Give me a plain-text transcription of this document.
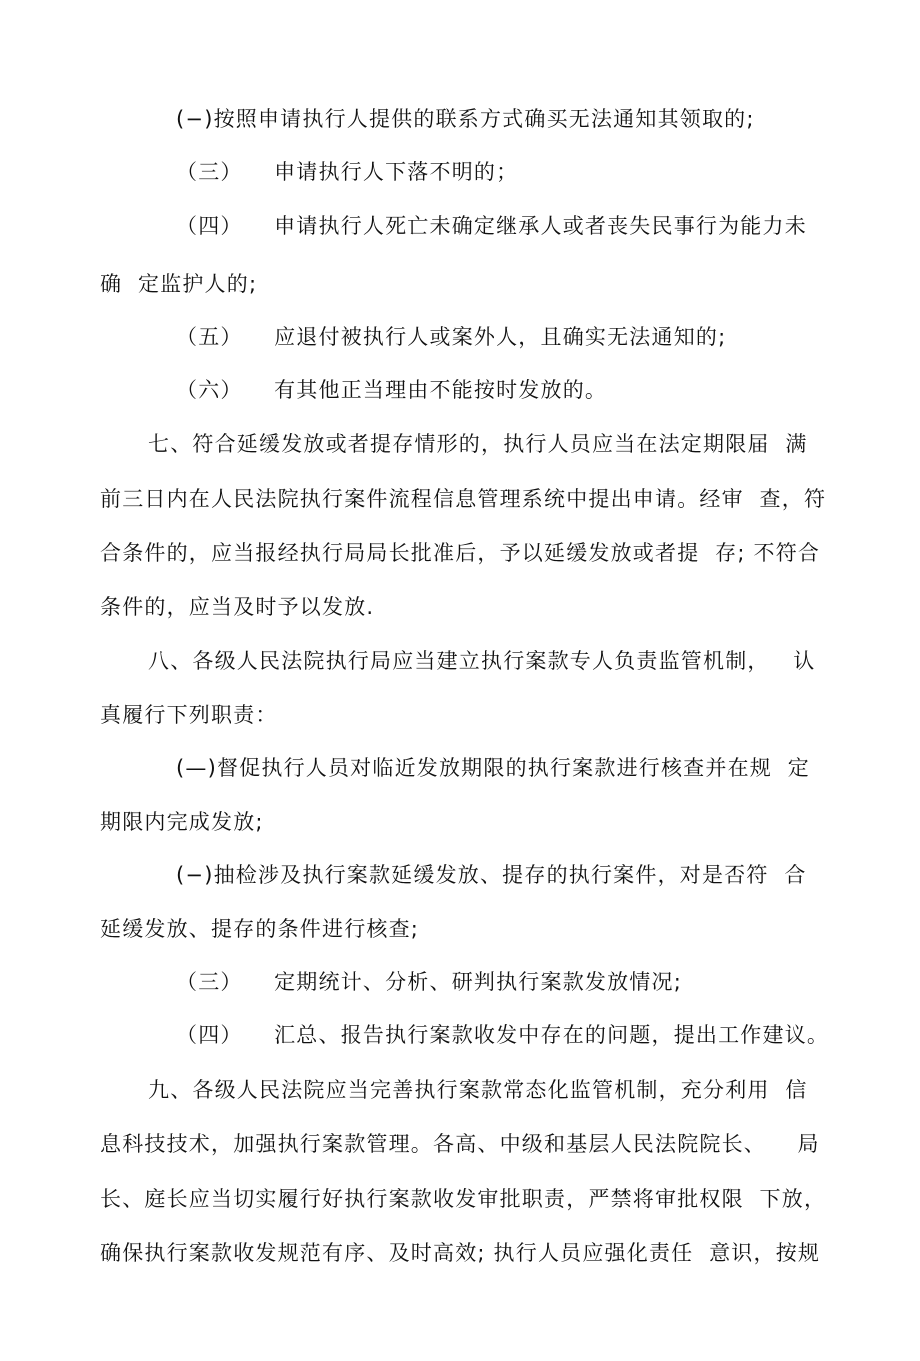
(−)按照申请执行人提供的联系方式确买无法通知其领取的;
（三）    申请执行人下落不明的；
（四）    申请执行人死亡未确定继承人或者丧失民事行为能力未
确  定监护人的;
（五）    应退付被执行人或案外人，且确实无法通知的;
（六）    有其他正当理由不能按时发放的。
七、符合延缓发放或者提存情形的，执行人员应当在法定期限届  满
前三日内在人民法院执行案件流程信息管理系统中提出申请。经审  查，符
合条件的，应当报经执行局局长批准后，予以延缓发放或者提  存; 不符合
条件的，应当及时予以发放.
八、各级人民法院执行局应当建立执行案款专人负责监管机制，   认
真履行下列职责：
(—)督促执行人员对临近发放期限的执行案款进行核查并在规  定
期限内完成发放;
(−)抽检涉及执行案款延缓发放、提存的执行案件，对是否符  合
延缓发放、提存的条件进行核查;
（三）    定期统计、分析、研判执行案款发放情况;
（四）    汇总、报告执行案款收发中存在的问题，提出工作建议。
九、各级人民法院应当完善执行案款常态化监管机制，充分利用  信
息科技技术，加强执行案款管理。各高、中级和基层人民法院院长、    局
长、庭长应当切实履行好执行案款收发审批职责，严禁将审批权限  下放，
确保执行案款收发规范有序、及时高效; 执行人员应强化责任  意识，按规
